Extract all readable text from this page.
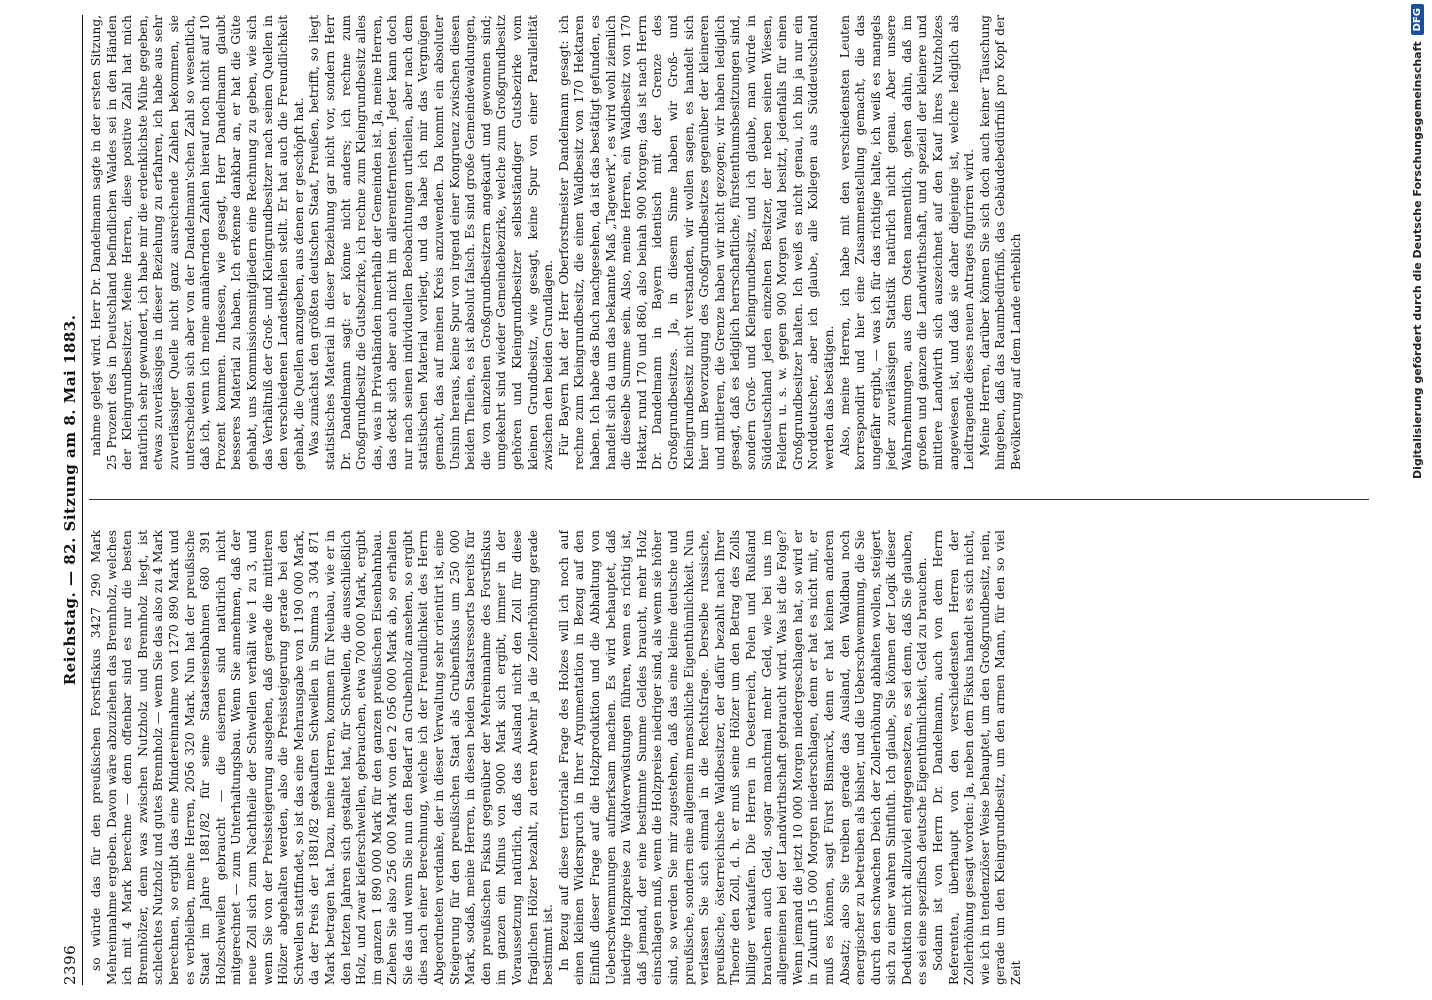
2396
Reichstag. — 82. Sitzung am 8. Mai 1883.

so würde das für den preußischen Forstfiskus 3427 290 Mark Mehreinnahme ergeben. Davon wäre abzuziehen das Brennholz, welches ich mit 4 Mark berechne — denn offenbar sind es nur die besten Brennhölzer, denn was zwischen Nutzholz und Brennholz liegt, ist schlechtes Nutzholz und gutes Brennholz — wenn Sie das also zu 4 Mark berechnen, so ergibt das eine Mindereinnahme von 1270 890 Mark und es verbleiben, meine Herren, 2056 320 Mark. Nun hat der preußische Staat im Jahre 1881/82 für seine Staatseisenbahnen 680 391 Holzschwellen gebraucht — die eisernen sind natürlich nicht mitgerechnet — zum Unterhaltungsbau. Wenn Sie annehmen, daß der neue Zoll sich zum Nachtheile der Schwellen verhält wie 1 zu 3, und wenn Sie von der Preissteigerung ausgehen, daß gerade die mittleren Hölzer abgehalten werden, also die Preissteigerung gerade bei den Schwellen stattfindet, so ist das eine Mehrausgabe von 1 190 000 Mark, da der Preis der 1881/82 gekauften Schwellen in Summa 3 304 871 Mark betragen hat. Dazu, meine Herren, kommen für Neubau, wie er in den letzten Jahren sich gestaltet hat, für Schwellen, die ausschließlich Holz, und zwar kieferschwellen, gebrauchen, etwa 700 000 Mark, ergibt im ganzen 1 890 000 Mark für den ganzen preußischen Eisenbahnbau. Ziehen Sie also 256 000 Mark von den 2 056 000 Mark ab, so erhalten Sie das und wenn Sie nun den Bedarf an Grubenholz ansehen, so ergibt dies nach einer Berechnung, welche ich der Freundlichkeit des Herrn Abgeordneten verdanke, der in dieser Verwaltung sehr orientirt ist, eine Steigerung für den preußischen Staat als Grubenfiskus um 250 000 Mark, sodaß, meine Herren, in diesen beiden Staatsressorts bereits für den preußischen Fiskus gegenüber der Mehreinnahme des Forstfiskus im ganzen ein Minus von 9000 Mark sich ergibt, immer in der Voraussetzung natürlich, daß das Ausland nicht den Zoll für diese fraglichen Hölzer bezahlt, zu deren Abwehr ja die Zollerhöhung gerade bestimmt ist. In Bezug auf diese territoriale Frage des Holzes will ich noch auf einen kleinen Widerspruch in Ihrer Argumentation in Bezug auf den Einfluß dieser Frage auf die Holzproduktion und die Abhaltung von Ueberschwemmungen aufmerksam machen. Es wird behauptet, daß niedrige Holzpreise zu Waldverwüstungen führen, wenn es richtig ist, daß jemand, der eine bestimmte Summe Geldes braucht, mehr Holz einschlagen muß, wenn die Holzpreise niedriger sind, als wenn sie höher sind, so werden Sie mir zugestehen, daß das eine kleine deutsche und preußische, sondern eine allgemein menschliche Eigenthümlichkeit. Nun verlassen Sie sich einmal in die Rechtsfrage. Derselbe russische, preußische, österreichische Waldbesitzer, der dafür bezahlt nach Ihrer Theorie den Zoll, d. h. er muß seine Hölzer um den Betrag des Zolls billiger verkaufen. Die Herren in Oesterreich, Polen und Rußland brauchen auch Geld, sogar manchmal mehr Geld, wie bei uns im allgemeinen bei der Landwirthschaft gebraucht wird. Was ist die Folge? Wenn jemand die jetzt 10 000 Morgen niedergeschlagen hat, so wird er in Zukunft 15 000 Morgen niederschlagen, denn er hat es nicht mit, er muß es können, sagt Fürst Bismarck, denn er hat keinen anderen Absatz; also Sie treiben gerade das Ausland, den Waldbau noch energischer zu betreiben als bisher, und die Ueberschwemmung, die Sie durch den schwachen Deich der Zollerhöhung abhalten wollen, steigert sich zu einer wahren Sintfluth. Ich glaube, Sie können der Logik dieser Deduktion nicht allzuviel entgegensetzen, es sei denn, daß Sie glauben, es sei eine spezifisch deutsche Eigenthümlichkeit, Geld zu brauchen. Sodann ist von Herrn Dr. Dandelmann, auch von dem Herrn Referenten, überhaupt von den verschiedensten Herren der Zollerhöhung gesagt worden: Ja, neben dem Fiskus handelt es sich nicht, wie ich in tendenziöser Weise behauptet, um den Großgrundbesitz, nein, gerade um den Kleingrundbesitz, um den armen Mann, für den so viel Zeit

nahme gelegt wird. Herr Dr. Dandelmann sagte in der ersten Sitzung, 25 Prozent des in Deutschland befindlichen Waldes sei in den Händen der Kleingrundbesitzer. Meine Herren, diese positive Zahl hat mich natürlich sehr gewundert, ich habe mir die erdenklichste Mühe gegeben, etwas zuverlässiges in dieser Beziehung zu erfahren, ich habe aus sehr zuverlässiger Quelle nicht ganz ausreichende Zahlen bekommen, sie unterscheiden sich aber von der Dandelmann'schen Zahl so wesentlich, daß ich, wenn ich meine annähernden Zahlen hierauf noch nicht auf 10 Prozent kommen. Indessen, wie gesagt, Herr Dandelmann glaubt besseres Material zu haben. Ich erkenne dankbar an, er hat die Güte gehabt, uns Kommissionsmitgliedern eine Rechnung zu geben, wie sich das Verhältniß der Groß- und Kleingrundbesitzer nach seinen Quellen in den verschiedenen Landestheilen stellt. Er hat auch die Freundlichkeit gehabt, die Quellen anzugeben, aus denen er geschöpft hat. Was zunächst den größten deutschen Staat, Preußen, betrifft, so liegt statistisches Material in dieser Beziehung gar nicht vor, sondern Herr Dr. Dandelmann sagt: er könne nicht anders; ich rechne zum Großgrundbesitz die Gutsbezirke, ich rechne zum Kleingrundbesitz alles das, was in Privathänden innerhalb der Gemeinden ist. Ja, meine Herren, das deckt sich aber auch nicht im allerentferntesten. Jeder kann doch nur nach seinen individuellen Beobachtungen urtheilen, aber nach dem statistischen Material vorliegt, und da habe ich mir das Vergnügen gemacht, das auf meinen Kreis anzuwenden. Da kommt ein absoluter Unsinn heraus, keine Spur von irgend einer Kongruenz zwischen diesen beiden Theilen, es ist absolut falsch. Es sind große Gemeindewaldungen, die von einzelnen Großgrundbesitzern angekauft und gewonnen sind; umgekehrt sind wieder Gemeindebezirke, welche zum Großgrundbesitz gehören und Kleingrundbesitzer selbstständiger Gutsbezirke vom kleinen Grundbesitz, wie gesagt, keine Spur von einer Parallelität zwischen den beiden Grundlagen. Für Bayern hat der Herr Oberforstmeister Dandelmann gesagt: ich rechne zum Kleingrundbesitz, die einen Waldbesitz von 170 Hektaren haben. Ich habe das Buch nachgesehen, da ist das bestätigt gefunden, es handelt sich da um das bekannte Maß „Tagewerk“, es wird wohl ziemlich die dieselbe Summe sein. Also, meine Herren, ein Waldbesitz von 170 Hektar, rund 170 und 860, also beinah 900 Morgen; das ist nach Herrn Dr. Dandelmann in Bayern identisch mit der Grenze des Großgrundbesitzes. Ja, in diesem Sinne haben wir Groß- und Kleingrundbesitz nicht verstanden, wir wollen sagen, es handelt sich hier um Bevorzugung des Großgrundbesitzes gegenüber der kleineren und mittleren, die Grenze haben wir nicht gezogen; wir haben lediglich gesagt, daß es lediglich herrschaftliche, fürstenthumsbesitzungen sind, sondern Groß- und Kleingrundbesitz, und ich glaube, man würde in Süddeutschland jeden einzelnen Besitzer, der neben seinen Wiesen, Feldern u. s. w. gegen 900 Morgen Wald besitzt, jedenfalls für einen Großgrundbesitzer halten. Ich weiß es nicht genau, ich bin ja nur ein Norddeutscher, aber ich glaube, alle Kollegen aus Süddeutschland werden das bestätigen. Also, meine Herren, ich habe mit den verschiedensten Leuten korrespondirt und hier eine Zusammenstellung gemacht, die das ungefähr ergibt, — was ich für das richtige halte, ich weiß es mangels jeder zuverlässigen Statistik natürlich nicht genau. Aber unsere Wahrnehmungen, aus dem Osten namentlich, gehen dahin, daß im großen und ganzen die Landwirthschaft, und speziell der kleinere und mittlere Landwirth sich auszeichnet auf den Kauf ihres Nutzholzes angewiesen ist, und daß sie daher diejenige ist, welche lediglich als Leidtragende dieses neuen Antrages figuriren wird. Meine Herren, darüber können Sie sich doch auch keiner Täuschung hingeben, daß das Raumbedürfniß, das Gebäudebedürfniß pro Kopf der Bevölkerung auf dem Lande erheblich	Digitalisierung gefördert durch die Deutsche Forschungsgemeinschaft
DFG
